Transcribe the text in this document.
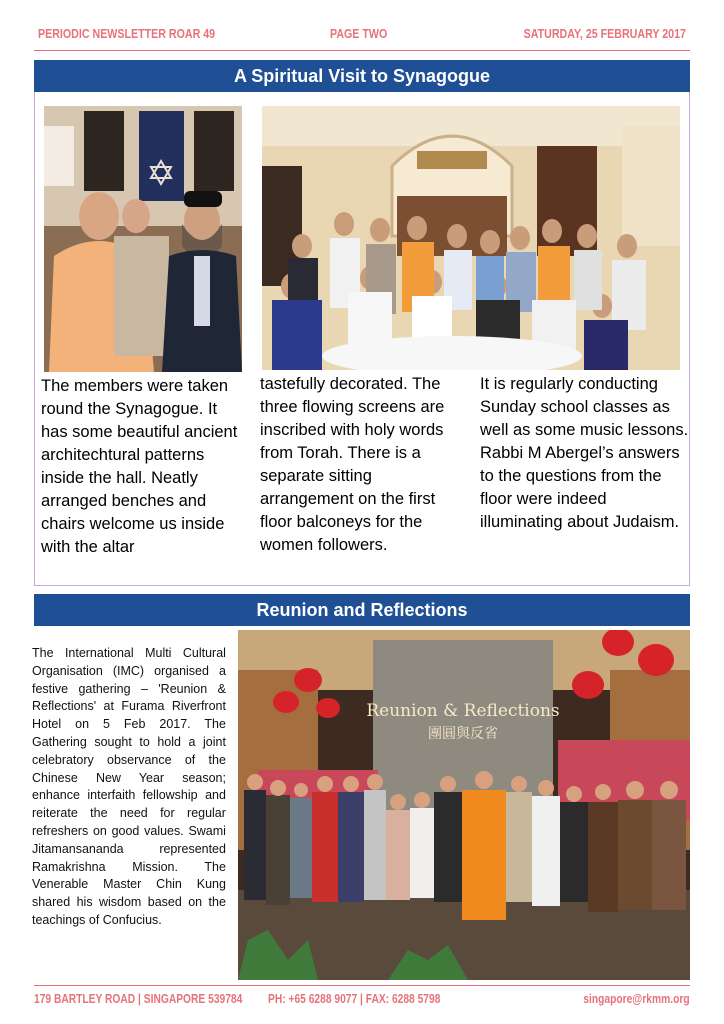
PERIODIC NEWSLETTER ROAR 49	PAGE TWO	SATURDAY, 25 FEBRUARY 2017
A Spiritual Visit to Synagogue
The members were taken round the Synagogue. It has some beautiful ancient architechtural patterns inside the hall. Neatly arranged benches and chairs welcome us inside with the altar
tastefully decorated. The three flowing screens are inscribed with holy words from Torah. There is a separate sitting arrangement on the first floor balconeys for the women followers.
It is regularly conducting Sunday school classes as well as some music lessons. Rabbi M Abergel’s answers to the questions from the floor were indeed illuminating about Judaism.
Reunion and Reflections
The International Multi Cultural Organisation (IMC) organised a festive gathering – 'Reunion & Reflections' at Furama Riverfront Hotel on 5 Feb 2017. The Gathering sought to hold a joint celebratory observance of the Chinese New Year season; enhance interfaith fellowship and reiterate the need for regular refreshers on good values. Swami Jitamansananda represented Ramakrishna Mission. The Venerable Master Chin Kung shared his wisdom based on the teachings of Confucius.
Reunion & Reflections
團圓與反省
179 BARTLEY ROAD | SINGAPORE 539784 PH: +65 6288 9077 | FAX: 6288 5798	singapore@rkmm.org
